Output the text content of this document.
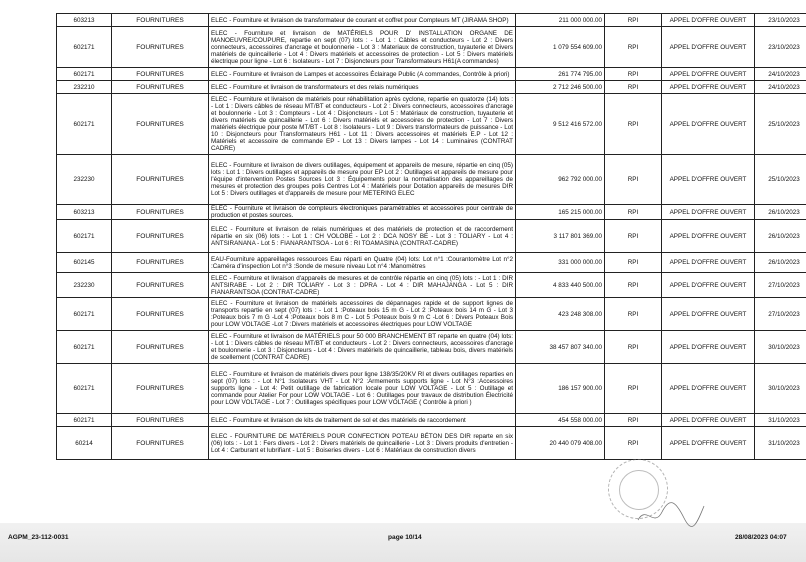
603213	FOURNITURES	ELEC - Fourniture et livraison de transformateur de courant et coffret pour Compteurs MT (JIRAMA SHOP)	211 000 000.00	RPI	APPEL D'OFFRE OUVERT	23/10/2023
602171	FOURNITURES	ELEC - Fourniture et livraison de MATÉRIELS POUR D' INSTALLATION ORGANE DE MANOEUVRE/COUPURE, repartie en sept (07) lots : - Lot 1 : Câbles et conducteurs - Lot 2 : Divers connecteurs, accessoires d'ancrage et boulonnerie - Lot 3 : Materiaux de construction, tuyauterie et Divers matériels de quincaillerie - Lot 4 : Divers matériels et accessoires de protection - Lot 5 : Divers matériels électrique pour ligne - Lot 6 : Isolateurs - Lot 7 : Disjoncteurs pour Transformateurs H61(A commandes)	1 079 554 609.00	RPI	APPEL D'OFFRE OUVERT	23/10/2023
602171	FOURNITURES	ELEC - Fourniture et livraison de Lampes et accessoires Éclairage Public (A commandes, Contrôle à priori)	261 774 795.00	RPI	APPEL D'OFFRE OUVERT	24/10/2023
232210	FOURNITURES	ELEC - Fourniture et livraison de transformateurs et des relais numériques	2 712 246 500.00	RPI	APPEL D'OFFRE OUVERT	24/10/2023
602171	FOURNITURES	ELEC - Fourniture et livraison de matériels pour réhabilitation après cyclone, repartie en quatorze (14) lots : - Lot 1 : Divers câbles de réseau MT/BT et conducteurs - Lot 2 : Divers connecteurs, accessoires d'ancrage et boulonnerie - Lot 3 : Compteurs - Lot 4 : Disjoncteurs - Lot 5 : Matériaux de construction, tuyauterie et divers matériels de quincaillerie - Lot 6 : Divers matériels et accessoires de protection - Lot 7 : Divers matériels électrique pour poste MT/BT - Lot 8 : Isolateurs - Lot 9 : Divers transformateurs de puissance - Lot 10 : Disjoncteurs pour Transformateurs H61 - Lot 11 : Divers accessoires et matériels E.P - Lot 12 : Matériels et accessoire de commande EP - Lot 13 : Divers lampes - Lot 14 : Luminaires (CONTRAT CADRE)	9 512 416 572.00	RPI	APPEL D'OFFRE OUVERT	25/10/2023
232230	FOURNITURES	ELEC - Fourniture et livraison de divers outillages, équipement et appareils de mesure, répartie en cinq (05) lots : Lot 1 : Divers outillages et appareils de mesure pour EP Lot 2 : Outillages et appareils de mesure pour l'équipe d'intervention Postes Sources Lot 3 : Équipements pour la normalisation des appareillages de mesures et protection des groupes polis Centres Lot 4 : Matériels pour Dotation appareils de mesures DIR Lot 5 : Divers outillages et d'appareils de mesure pour METERING ELEC	962 792 000.00	RPI	APPEL D'OFFRE OUVERT	25/10/2023
603213	FOURNITURES	ELEC - Fourniture et livraison de compteurs électroniques paramétrables et accessoires pour centrale de production et postes sources.	165 215 000.00	RPI	APPEL D'OFFRE OUVERT	26/10/2023
602171	FOURNITURES	ELEC - Fourniture et livraison de relais numériques et des matériels de protection et de raccordement répartie en six (06) lots : - Lot 1 : CH VOLOBE - Lot 2 : DCA NOSY BE - Lot 3 : TOLIARY - Lot 4 : ANTSIRANANA - Lot 5 : FIANARANTSOA - Lot 6 : RI TOAMASINA (CONTRAT-CADRE)	3 117 801 369.00	RPI	APPEL D'OFFRE OUVERT	26/10/2023
602145	FOURNITURES	EAU-Fourniture appareillages ressources Eau réparti en Quatre (04) lots: Lot n°1 :Courantomètre Lot n°2 :Caméra d'inspection Lot n°3 :Sonde de mesure niveau Lot n°4 :Manomètres	331 000 000.00	RPI	APPEL D'OFFRE OUVERT	26/10/2023
232230	FOURNITURES	ELEC - Fourniture et livraison d'appareils de mesures et de contrôle répartie en cinq (05) lots : - Lot 1 : DIR ANTSIRABE - Lot 2 : DIR TOLIARY - Lot 3 : DPRA - Lot 4 : DIR MAHAJANGA - Lot 5 : DIR FIANARANTSOA (CONTRAT-CADRE)	4 833 440 500.00	RPI	APPEL D'OFFRE OUVERT	27/10/2023
602171	FOURNITURES	ELEC - Fourniture et livraison de matériels accessoires de dépannages rapide et de support lignes de transports repartie en sept (07) lots : - Lot 1 :Poteaux bois 15 m G - Lot 2 :Poteaux bois 14 m G - Lot 3 :Poteaux bois 7 m G -Lot 4 :Poteaux bois 8 m C - Lot 5 :Poteaux bois 9 m C -Lot 6 : Divers Poteaux Bois pour LOW VOLTAGE -Lot 7 :Divers matériels et accessoires électriques pour LOW VOLTAGE	423 248 308.00	RPI	APPEL D'OFFRE OUVERT	27/10/2023
602171	FOURNITURES	ELEC - Fourniture et livraison de MATÉRIELS pour 50 000 BRANCHEMENT BT reparte en quatre (04) lots: - Lot 1 : Divers câbles de réseau MT/BT et conducteurs - Lot 2 : Divers connecteurs, accessoires d'ancrage et boulonnerie - Lot 3 : Disjoncteurs - Lot 4 : Divers matériels de quincaillerie, tableau bois, divers matériels de scellement (CONTRAT CADRE)	38 457 807 340.00	RPI	APPEL D'OFFRE OUVERT	30/10/2023
602171	FOURNITURES	ELEC - Fourniture et livraison de matériels divers pour ligne 138/35/20KV RI et divers outillages reparties en sept (07) lots : - Lot N°1 :Isolateurs VHT - Lot N°2 :Armements supports ligne - Lot N°3 :Accessoires supports ligne - Lot 4: Petit outillage de fabrication locale pour LOW VOLTAGE - Lot 5 : Outillage et commande pour Atelier For pour LOW VOLTAGE - Lot 6 : Outillages pour travaux de distribution Électricité pour LOW VOLTAGE - Lot 7 : Outillages spécifiques pour LOW VOLTAGE ( Contrôle à priori )	186 157 900.00	RPI	APPEL D'OFFRE OUVERT	30/10/2023
602171	FOURNITURES	ELEC - Fourniture et livraison de kits de traitement de sol et des matériels de raccordement	454 558 000.00	RPI	APPEL D'OFFRE OUVERT	31/10/2023
60214	FOURNITURES	ELEC - FOURNITURE DE MATÉRIELS POUR CONFECTION POTEAU BÉTON DES DIR reparte en six (06) lots : - Lot 1 : Fers divers - Lot 2 : Divers matériels de quincaillerie - Lot 3 : Divers produits d'entretien - Lot 4 : Carburant et lubrifiant - Lot 5 : Boiseries divers - Lot 6 : Matériaux de construction divers	20 440 079 408.00	RPI	APPEL D'OFFRE OUVERT	31/10/2023
AGPM_23-112-0031	page 10/14	28/08/2023 04:07
